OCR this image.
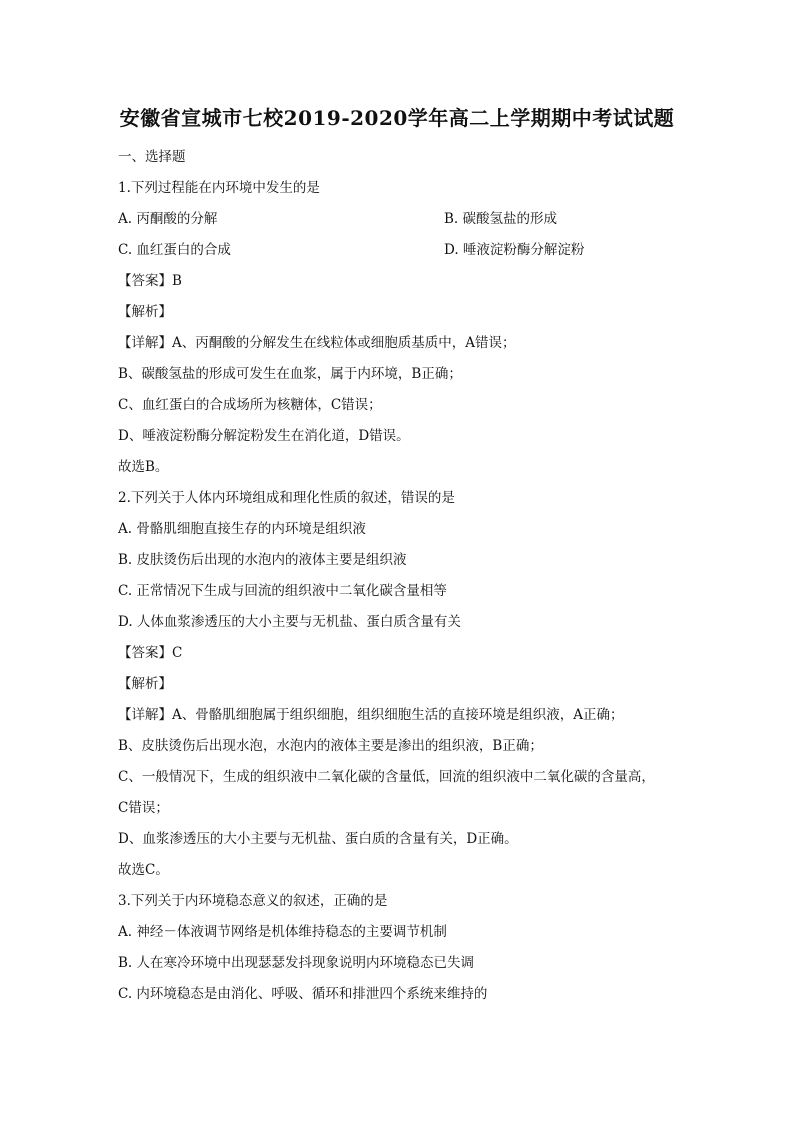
安徽省宣城市七校2019-2020学年高二上学期期中考试试题
一、选择题
1.下列过程能在内环境中发生的是
A. 丙酮酸的分解	B. 碳酸氢盐的形成
C. 血红蛋白的合成	D. 唾液淀粉酶分解淀粉
【答案】B
【解析】
【详解】A、丙酮酸的分解发生在线粒体或细胞质基质中，A错误；
B、碳酸氢盐的形成可发生在血浆，属于内环境，B正确；
C、血红蛋白的合成场所为核糖体，C错误；
D、唾液淀粉酶分解淀粉发生在消化道，D错误。
故选B。
2.下列关于人体内环境组成和理化性质的叙述，错误的是
A. 骨骼肌细胞直接生存的内环境是组织液
B. 皮肤烫伤后出现的水泡内的液体主要是组织液
C. 正常情况下生成与回流的组织液中二氧化碳含量相等
D. 人体血浆渗透压的大小主要与无机盐、蛋白质含量有关
【答案】C
【解析】
【详解】A、骨骼肌细胞属于组织细胞，组织细胞生活的直接环境是组织液，A正确；
B、皮肤烫伤后出现水泡，水泡内的液体主要是渗出的组织液，B正确；
C、一般情况下，生成的组织液中二氧化碳的含量低，回流的组织液中二氧化碳的含量高，
C错误；
D、血浆渗透压的大小主要与无机盐、蛋白质的含量有关，D正确。
故选C。
3.下列关于内环境稳态意义的叙述，正确的是
A. 神经－体液调节网络是机体维持稳态的主要调节机制
B. 人在寒冷环境中出现瑟瑟发抖现象说明内环境稳态已失调
C. 内环境稳态是由消化、呼吸、循环和排泄四个系统来维持的
